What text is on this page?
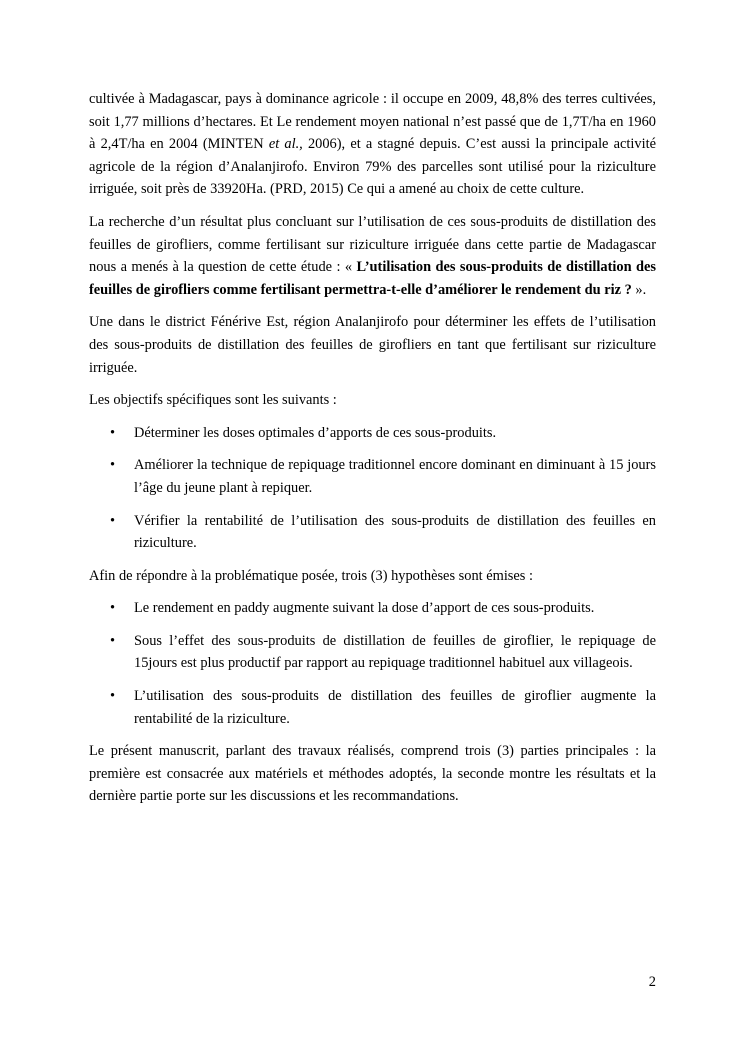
cultivée à Madagascar, pays à dominance agricole : il occupe en 2009, 48,8% des terres cultivées, soit 1,77 millions d’hectares. Et Le rendement moyen national n’est passé que de 1,7T/ha en 1960 à 2,4T/ha en 2004 (MINTEN et al., 2006), et a stagné depuis. C’est aussi la principale activité agricole de la région d’Analanjirofo. Environ 79% des parcelles sont utilisé pour la riziculture irriguée, soit près de 33920Ha. (PRD, 2015) Ce qui a amené au choix de cette culture.

La recherche d’un résultat plus concluant sur l’utilisation de ces sous-produits de distillation des feuilles de girofliers, comme fertilisant sur riziculture irriguée dans cette partie de Madagascar nous a menés à la question de cette étude : « L’utilisation des sous-produits de distillation des feuilles de girofliers comme fertilisant permettra-t-elle d’améliorer le rendement du riz ? ».

Une dans le district Fénérive Est, région Analanjirofo pour déterminer les effets de l’utilisation des sous-produits de distillation des feuilles de girofliers en tant que fertilisant sur riziculture irriguée.

Les objectifs spécifiques sont les suivants :

• Déterminer les doses optimales d’apports de ces sous-produits.
• Améliorer la technique de repiquage traditionnel encore dominant en diminuant à 15 jours l’âge du jeune plant à repiquer.
• Vérifier la rentabilité de l’utilisation des sous-produits de distillation des feuilles en riziculture.

Afin de répondre à la problématique posée, trois (3) hypothèses sont émises :

• Le rendement en paddy augmente suivant la dose d’apport de ces sous-produits.
• Sous l’effet des sous-produits de distillation de feuilles de giroflier, le repiquage de 15jours est plus productif par rapport au repiquage traditionnel habituel aux villageois.
• L’utilisation des sous-produits de distillation des feuilles de giroflier augmente la rentabilité de la riziculture.

Le présent manuscrit, parlant des travaux réalisés, comprend trois (3) parties principales : la première est consacrée aux matériels et méthodes adoptés, la seconde montre les résultats et la dernière partie porte sur les discussions et les recommandations.

2
